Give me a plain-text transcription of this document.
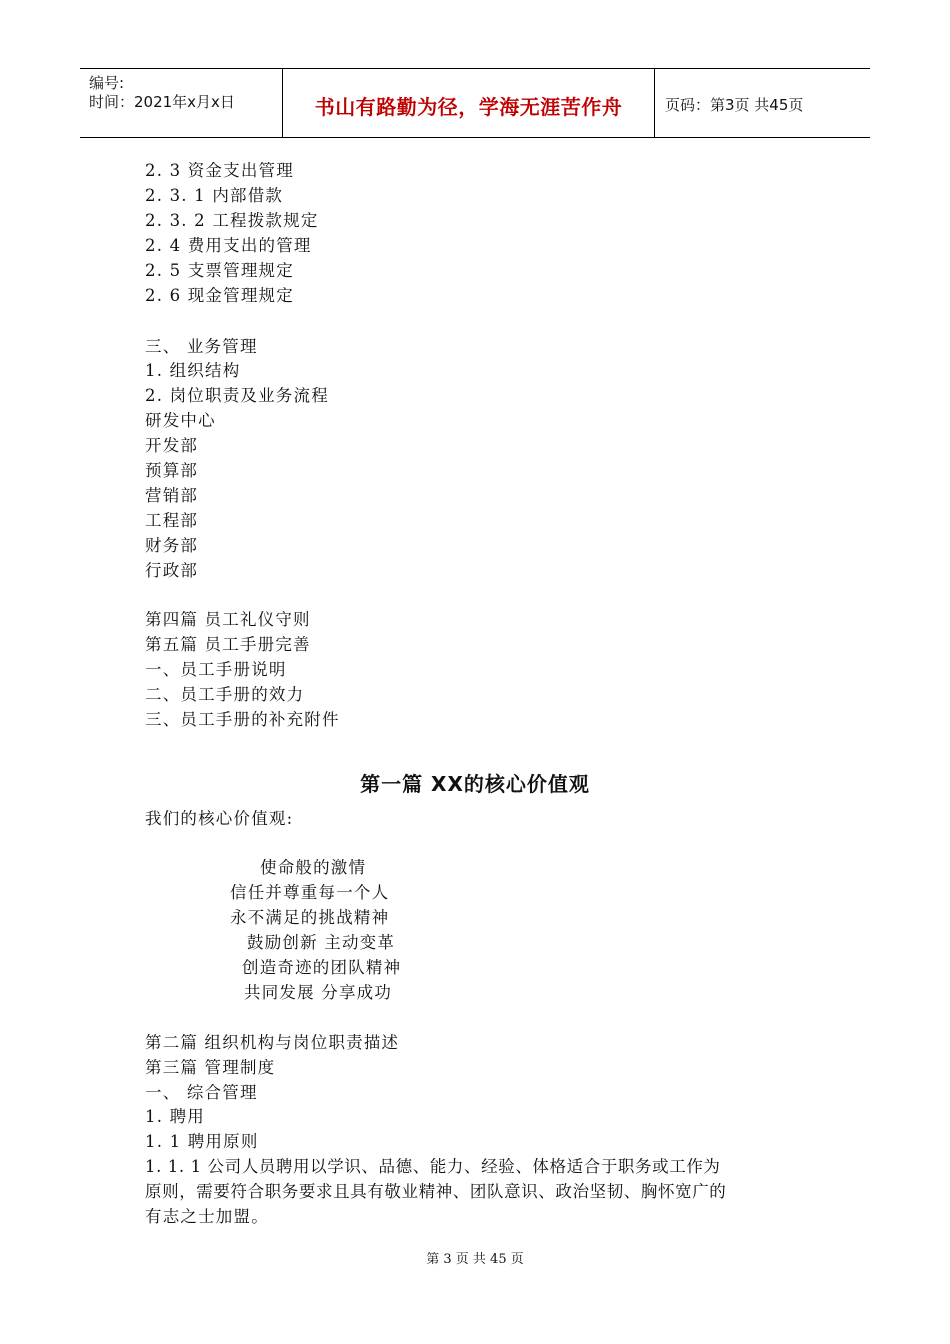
编号:
时间：2021年x月x日	书山有路勤为径，学海无涯苦作舟	页码：第3页 共45页
2. 3 资金支出管理
2. 3. 1 内部借款
2. 3. 2 工程拨款规定
2. 4 费用支出的管理
2. 5 支票管理规定
2. 6 现金管理规定
三、 业务管理
1. 组织结构
2. 岗位职责及业务流程
研发中心
开发部
预算部
营销部
工程部
财务部
行政部
第四篇 员工礼仪守则
第五篇 员工手册完善
一、员工手册说明
二、员工手册的效力
三、员工手册的补充附件
第一篇 XX的核心价值观
我们的核心价值观:
使命般的激情
信任并尊重每一个人
永不满足的挑战精神
鼓励创新 主动变革
创造奇迹的团队精神
共同发展 分享成功
第二篇 组织机构与岗位职责描述
第三篇 管理制度
一、 综合管理
1. 聘用
1. 1 聘用原则
1. 1. 1 公司人员聘用以学识、品德、能力、经验、体格适合于职务或工作为
原则，需要符合职务要求且具有敬业精神、团队意识、政治坚韧、胸怀宽广的
有志之士加盟。
第 3 页 共 45 页
